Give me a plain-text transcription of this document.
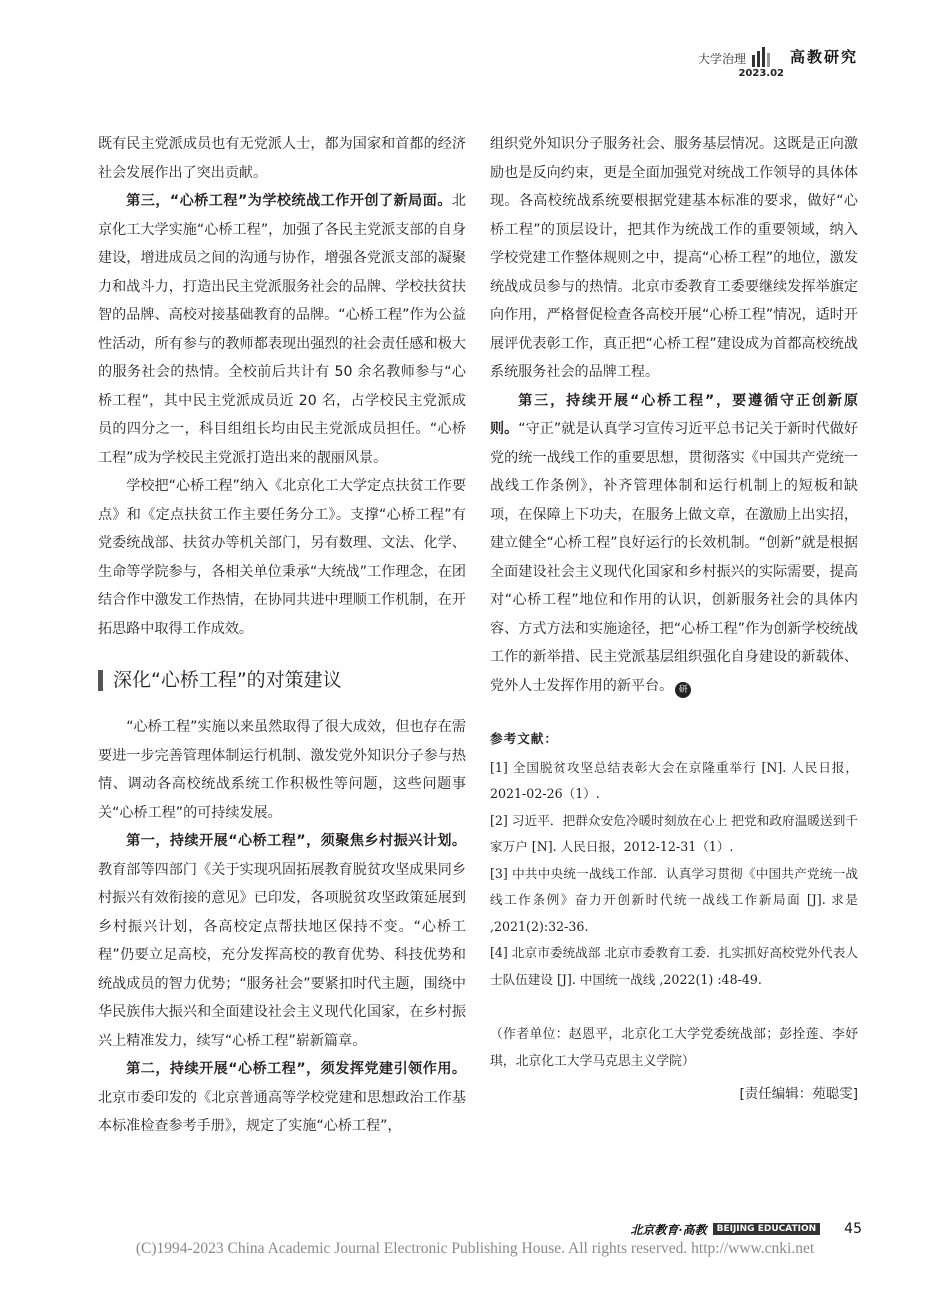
大学治理	高教研究
2023.02

既有民主党派成员也有无党派人士，都为国家和首都的经济社会发展作出了突出贡献。

第三，“心桥工程”为学校统战工作开创了新局面。北京化工大学实施“心桥工程”，加强了各民主党派支部的自身建设，增进成员之间的沟通与协作，增强各党派支部的凝聚力和战斗力，打造出民主党派服务社会的品牌、学校扶贫扶智的品牌、高校对接基础教育的品牌。“心桥工程”作为公益性活动，所有参与的教师都表现出强烈的社会责任感和极大的服务社会的热情。全校前后共计有 50 余名教师参与“心桥工程”，其中民主党派成员近 20 名，占学校民主党派成员的四分之一，科目组组长均由民主党派成员担任。“心桥工程”成为学校民主党派打造出来的靓丽风景。

学校把“心桥工程”纳入《北京化工大学定点扶贫工作要点》和《定点扶贫工作主要任务分工》。支撑“心桥工程”有党委统战部、扶贫办等机关部门，另有数理、文法、化学、生命等学院参与，各相关单位秉承“大统战”工作理念，在团结合作中激发工作热情，在协同共进中理顺工作机制，在开拓思路中取得工作成效。

深化“心桥工程”的对策建议

“心桥工程”实施以来虽然取得了很大成效，但也存在需要进一步完善管理体制运行机制、激发党外知识分子参与热情、调动各高校统战系统工作积极性等问题，这些问题事关“心桥工程”的可持续发展。

第一，持续开展“心桥工程”，须聚焦乡村振兴计划。教育部等四部门《关于实现巩固拓展教育脱贫攻坚成果同乡村振兴有效衔接的意见》已印发，各项脱贫攻坚政策延展到乡村振兴计划，各高校定点帮扶地区保持不变。“心桥工程”仍要立足高校，充分发挥高校的教育优势、科技优势和统战成员的智力优势；“服务社会”要紧扣时代主题，围绕中华民族伟大振兴和全面建设社会主义现代化国家，在乡村振兴上精准发力，续写“心桥工程”崭新篇章。

第二，持续开展“心桥工程”，须发挥党建引领作用。北京市委印发的《北京普通高等学校党建和思想政治工作基本标准检查参考手册》，规定了实施“心桥工程”，

组织党外知识分子服务社会、服务基层情况。这既是正向激励也是反向约束，更是全面加强党对统战工作领导的具体体现。各高校统战系统要根据党建基本标准的要求，做好“心桥工程”的顶层设计，把其作为统战工作的重要领域，纳入学校党建工作整体规则之中，提高“心桥工程”的地位，激发统战成员参与的热情。北京市委教育工委要继续发挥举旗定向作用，严格督促检查各高校开展“心桥工程”情况，适时开展评优表彰工作，真正把“心桥工程”建设成为首都高校统战系统服务社会的品牌工程。

第三，持续开展“心桥工程”，要遵循守正创新原则。“守正”就是认真学习宣传习近平总书记关于新时代做好党的统一战线工作的重要思想，贯彻落实《中国共产党统一战线工作条例》，补齐管理体制和运行机制上的短板和缺项，在保障上下功夫，在服务上做文章，在激励上出实招，建立健全“心桥工程”良好运行的长效机制。“创新”就是根据全面建设社会主义现代化国家和乡村振兴的实际需要，提高对“心桥工程”地位和作用的认识，创新服务社会的具体内容、方式方法和实施途径，把“心桥工程”作为创新学校统战工作的新举措、民主党派基层组织强化自身建设的新载体、党外人士发挥作用的新平台。 研

参考文献：
[1] 全国脱贫攻坚总结表彰大会在京隆重举行 [N]. 人民日报，2021-02-26（1）.
[2] 习近平．把群众安危冷暖时刻放在心上 把党和政府温暖送到千家万户 [N]. 人民日报，2012-12-31（1）.
[3] 中共中央统一战线工作部．认真学习贯彻《中国共产党统一战线工作条例》奋力开创新时代统一战线工作新局面 [J]. 求是 ,2021(2):32-36.
[4] 北京市委统战部 北京市委教育工委．扎实抓好高校党外代表人士队伍建设 [J]. 中国统一战线 ,2022(1) :48-49.
（作者单位：赵恩平，北京化工大学党委统战部；彭拴莲、李妤琪，北京化工大学马克思主义学院）
[责任编辑：苑聪雯]
北京教育·高教	BEIJING EDUCATION 45
(C)1994-2023 China Academic Journal Electronic Publishing House. All rights reserved. http://www.cnki.net
